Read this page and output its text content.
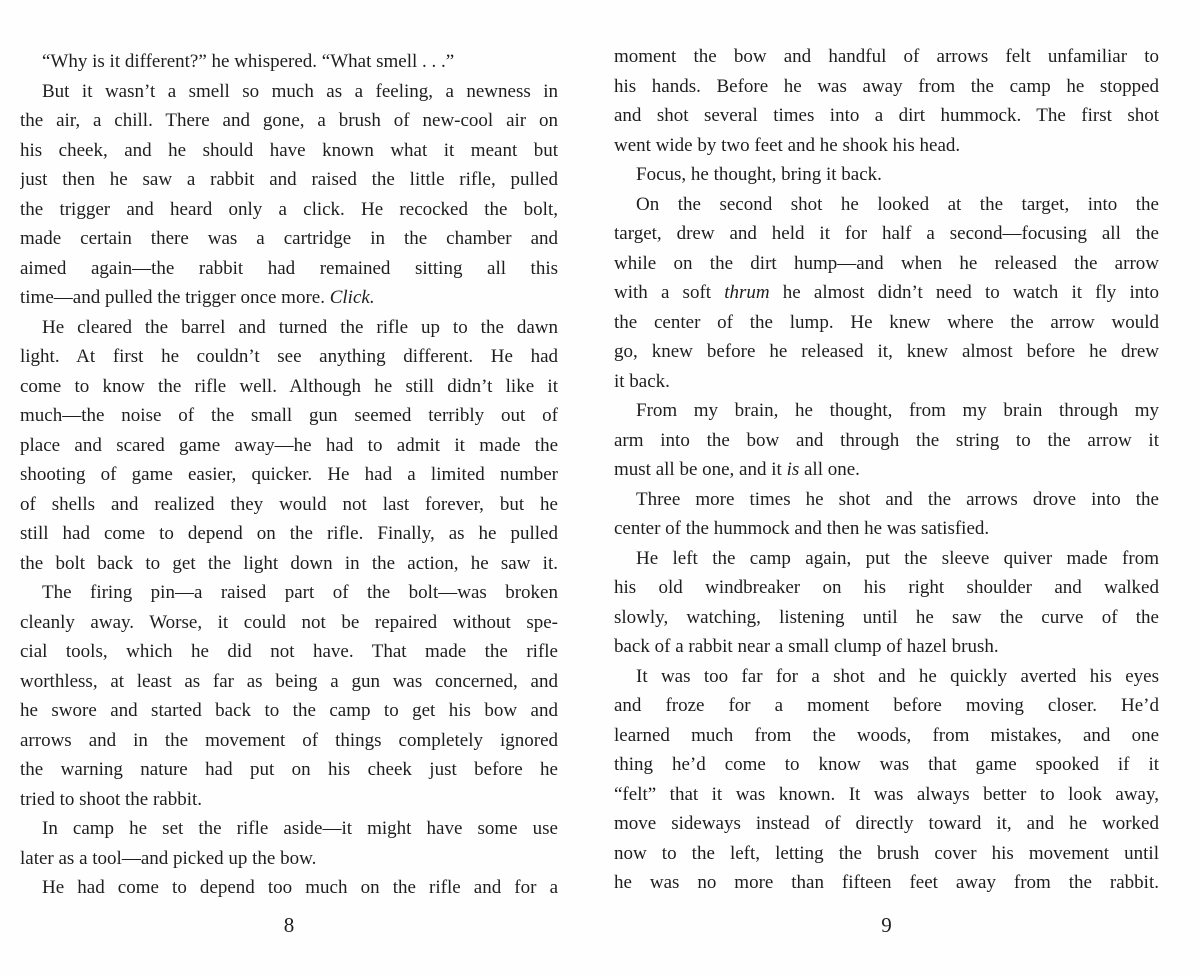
“Why is it different?” he whispered. “What smell . . .”
But it wasn’t a smell so much as a feeling, a newness in
the air, a chill. There and gone, a brush of new-cool air on
his cheek, and he should have known what it meant but
just then he saw a rabbit and raised the little rifle, pulled
the trigger and heard only a click. He recocked the bolt,
made certain there was a cartridge in the chamber and
aimed again—the rabbit had remained sitting all this
time—and pulled the trigger once more. Click.
He cleared the barrel and turned the rifle up to the dawn
light. At first he couldn’t see anything different. He had
come to know the rifle well. Although he still didn’t like it
much—the noise of the small gun seemed terribly out of
place and scared game away—he had to admit it made the
shooting of game easier, quicker. He had a limited number
of shells and realized they would not last forever, but he
still had come to depend on the rifle. Finally, as he pulled
the bolt back to get the light down in the action, he saw it.
The firing pin—a raised part of the bolt—was broken
cleanly away. Worse, it could not be repaired without spe-
cial tools, which he did not have. That made the rifle
worthless, at least as far as being a gun was concerned, and
he swore and started back to the camp to get his bow and
arrows and in the movement of things completely ignored
the warning nature had put on his cheek just before he
tried to shoot the rabbit.
In camp he set the rifle aside—it might have some use
later as a tool—and picked up the bow.
He had come to depend too much on the rifle and for a
moment the bow and handful of arrows felt unfamiliar to
his hands. Before he was away from the camp he stopped
and shot several times into a dirt hummock. The first shot
went wide by two feet and he shook his head.
Focus, he thought, bring it back.
On the second shot he looked at the target, into the
target, drew and held it for half a second—focusing all the
while on the dirt hump—and when he released the arrow
with a soft thrum he almost didn’t need to watch it fly into
the center of the lump. He knew where the arrow would
go, knew before he released it, knew almost before he drew
it back.
From my brain, he thought, from my brain through my
arm into the bow and through the string to the arrow it
must all be one, and it is all one.
Three more times he shot and the arrows drove into the
center of the hummock and then he was satisfied.
He left the camp again, put the sleeve quiver made from
his old windbreaker on his right shoulder and walked
slowly, watching, listening until he saw the curve of the
back of a rabbit near a small clump of hazel brush.
It was too far for a shot and he quickly averted his eyes
and froze for a moment before moving closer. He’d
learned much from the woods, from mistakes, and one
thing he’d come to know was that game spooked if it
“felt” that it was known. It was always better to look away,
move sideways instead of directly toward it, and he worked
now to the left, letting the brush cover his movement until
he was no more than fifteen feet away from the rabbit.
8	9
